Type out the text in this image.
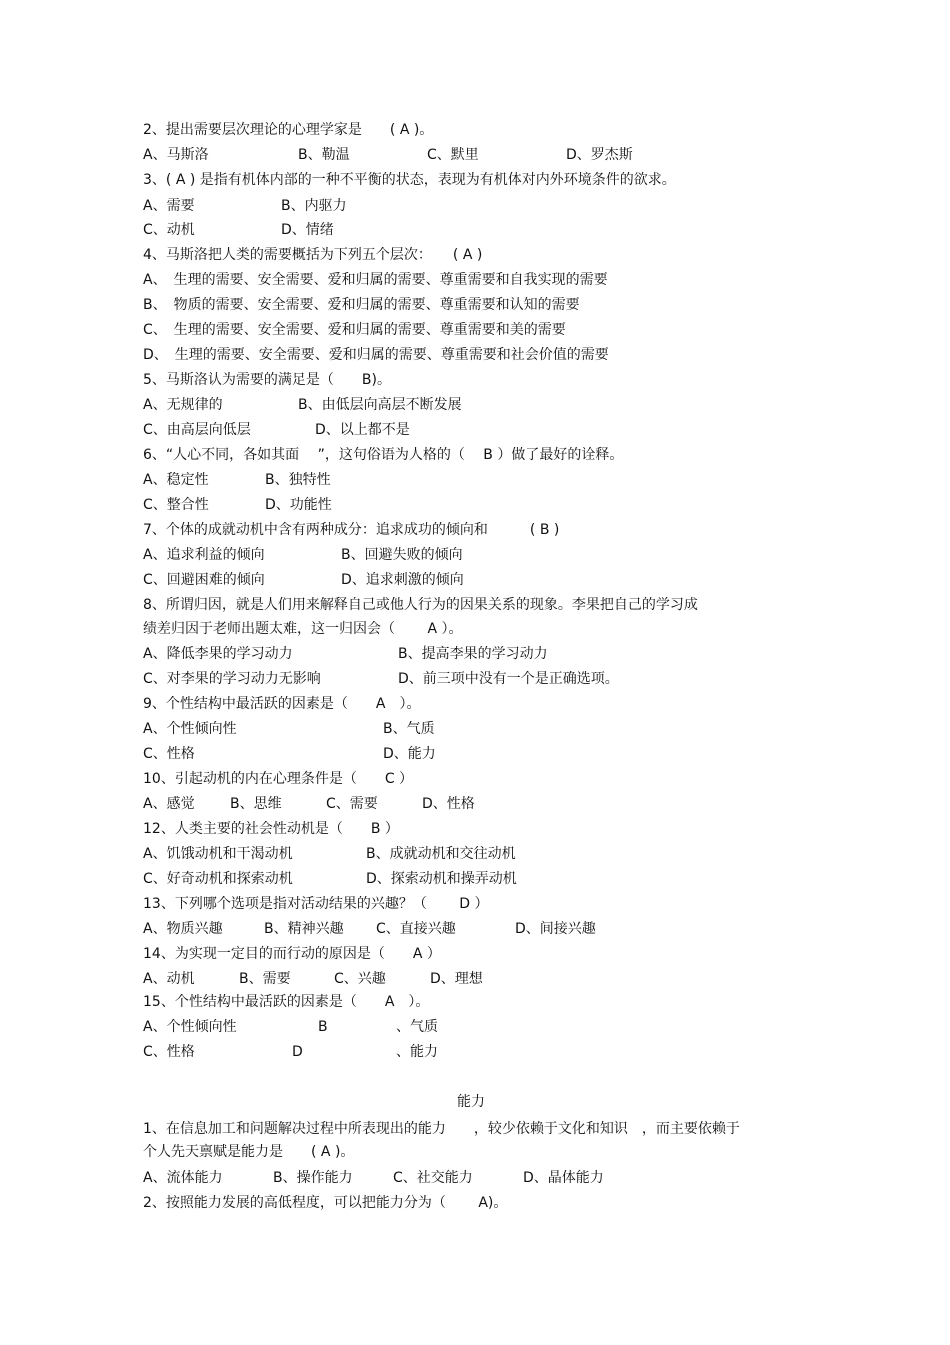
2、提出需要层次理论的心理学家是　　( A )。
A、马斯洛	B、勒温	C、默里	D、罗杰斯
3、( A ) 是指有机体内部的一种不平衡的状态，表现为有机体对内外环境条件的欲求。
A、需要	B、内驱力
C、动机	D、情绪
4、马斯洛把人类的需要概括为下列五个层次：　　( A )
A、　生理的需要、安全需要、爱和归属的需要、尊重需要和自我实现的需要
B、　物质的需要、安全需要、爱和归属的需要、尊重需要和认知的需要
C、　生理的需要、安全需要、爱和归属的需要、尊重需要和美的需要
D、　生理的需要、安全需要、爱和归属的需要、尊重需要和社会价值的需要
5、马斯洛认为需要的满足是（　　B)。
A、无规律的	B、由低层向高层不断发展
C、由高层向低层	D、以上都不是
6、“人心不同，各如其面　 ”，这句俗语为人格的（　 B ）做了最好的诠释。
A、稳定性	B、独特性
C、整合性	D、功能性
7、个体的成就动机中含有两种成分：追求成功的倾向和　　　( B )
A、追求利益的倾向	B、回避失败的倾向
C、回避困难的倾向	D、追求刺激的倾向
8、所谓归因，就是人们用来解释自己或他人行为的因果关系的现象。李果把自己的学习成
绩差归因于老师出题太难，这一归因会（　　 A ）。
A、降低李果的学习动力	B、提高李果的学习动力
C、对李果的学习动力无影响	D、前三项中没有一个是正确选项。
9、个性结构中最活跃的因素是（　　A　）。
A、个性倾向性	B、气质
C、性格	D、能力
10、引起动机的内在心理条件是（　　C ）
A、感觉	B、思维	C、需要	D、性格
12、人类主要的社会性动机是（　　B ）
A、饥饿动机和干渴动机	B、成就动机和交往动机
C、好奇动机和探索动机	D、探索动机和操弄动机
13、下列哪个选项是指对活动结果的兴趣？（　　 D ）
A、物质兴趣	B、精神兴趣 C、直接兴趣	D、间接兴趣
14、为实现一定目的而行动的原因是（　　A ）
A、动机	B、需要	C、兴趣	D、理想
15、个性结构中最活跃的因素是（　　A　）。
A、个性倾向性	B	、气质
C、性格	D	、能力
能力
1、在信息加工和问题解决过程中所表现出的能力　　，较少依赖于文化和知识　，而主要依赖于
个人先天禀赋是能力是　　( A )。
A、流体能力	B、操作能力	C、社交能力	D、晶体能力
2、按照能力发展的高低程度，可以把能力分为（　　 A)。
